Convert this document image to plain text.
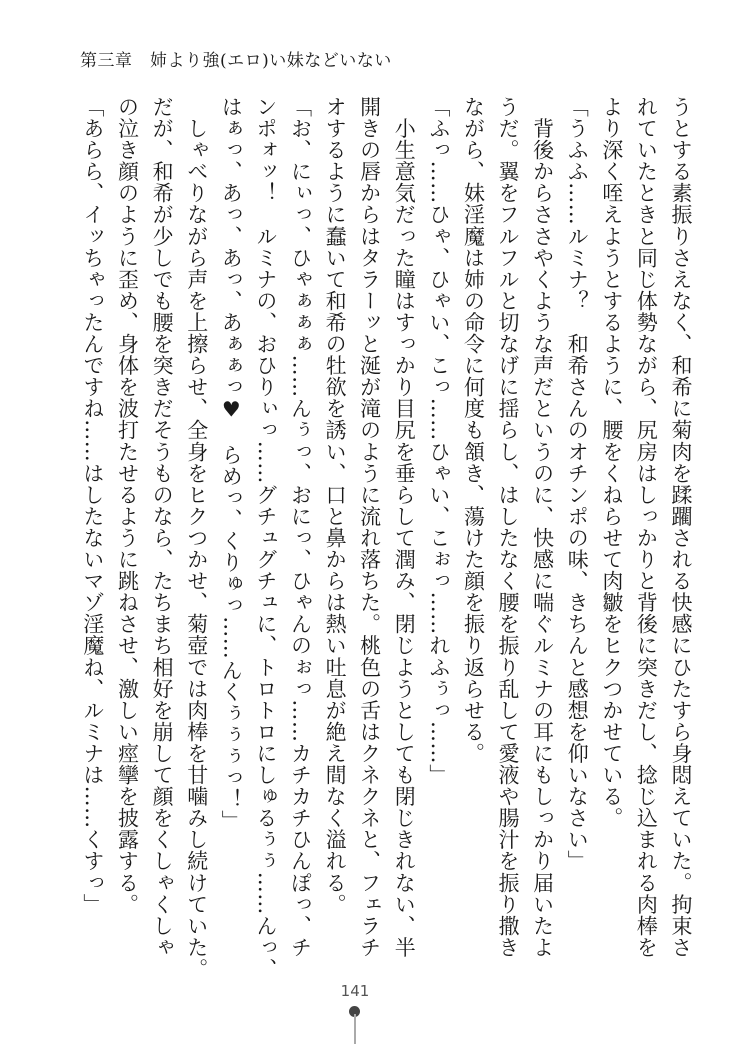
第三章　姉より強(エロ)い妹などいない
うとする素振りさえなく、和希に菊肉を蹂躙される快感にひたすら身悶えていた。拘束さ
れていたときと同じ体勢ながら、尻房はしっかりと背後に突きだし、捻じ込まれる肉棒を
より深く咥えようとするように、腰をくねらせて肉皺をヒクつかせている。
「うふふ……ルミナ？　和希さんのオチンポの味、きちんと感想を仰いなさい」
　背後からささやくような声だというのに、快感に喘ぐルミナの耳にもしっかり届いたよ
うだ。翼をフルフルと切なげに揺らし、はしたなく腰を振り乱して愛液や腸汁を振り撒き
ながら、妹淫魔は姉の命令に何度も頷き、蕩けた顔を振り返らせる。
「ふっ……ひゃ、ひゃい、こっ……ひゃい、こぉっ……れふぅっ……」
　小生意気だった瞳はすっかり目尻を垂らして潤み、閉じようとしても閉じきれない、半
開きの唇からはタラーッと涎が滝のように流れ落ちた。桃色の舌はクネクネと、フェラチ
オするように蠢いて和希の牡欲を誘い、口と鼻からは熱い吐息が絶え間なく溢れる。
「お、にぃっ、ひゃぁぁぁ……んぅっ、おにっ、ひゃんのぉっ……カチカチひんぽっ、チ
ンポォッ！　ルミナの、おひりぃっ……グチュグチュに、トロトロにしゅるぅぅ……んっ、
はぁっ、あっ、あっ、あぁぁっ♥　らめっ、くりゅっ……んくぅぅぅっ！」
　しゃべりながら声を上擦らせ、全身をヒクつかせ、菊壺では肉棒を甘噛みし続けていた。
だが、和希が少しでも腰を突きだそうものなら、たちまち相好を崩して顔をくしゃくしゃ
の泣き顔のように歪め、身体を波打たせるように跳ねさせ、激しい痙攣を披露する。
「あらら、イッちゃったんですね……はしたないマゾ淫魔ね、ルミナは……くすっ」
141
